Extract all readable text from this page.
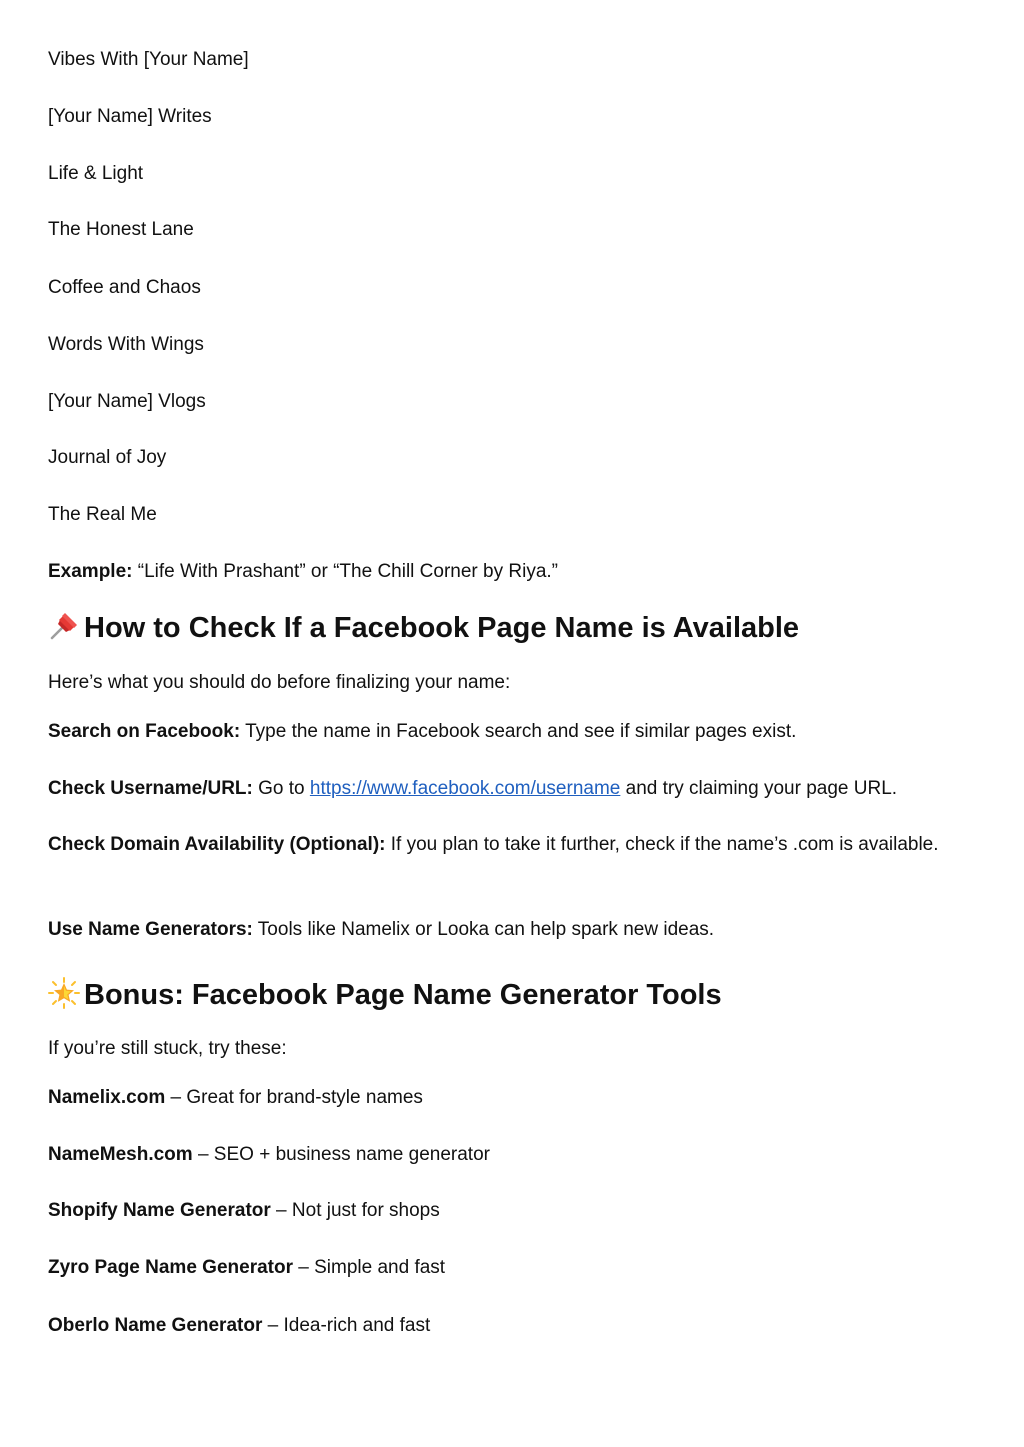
Vibes With [Your Name]

[Your Name] Writes

Life & Light

The Honest Lane

Coffee and Chaos

Words With Wings

[Your Name] Vlogs

Journal of Joy

The Real Me

Example: “Life With Prashant” or “The Chill Corner by Riya.”

How to Check If a Facebook Page Name is Available

Here’s what you should do before finalizing your name:

Search on Facebook: Type the name in Facebook search and see if similar pages exist.

Check Username/URL: Go to https://www.facebook.com/username and try claiming your page URL.

Check Domain Availability (Optional): If you plan to take it further, check if the name’s .com is available.

Use Name Generators: Tools like Namelix or Looka can help spark new ideas.

Bonus: Facebook Page Name Generator Tools

If you’re still stuck, try these:

Namelix.com – Great for brand-style names

NameMesh.com – SEO + business name generator

Shopify Name Generator – Not just for shops

Zyro Page Name Generator – Simple and fast

Oberlo Name Generator – Idea-rich and fast
